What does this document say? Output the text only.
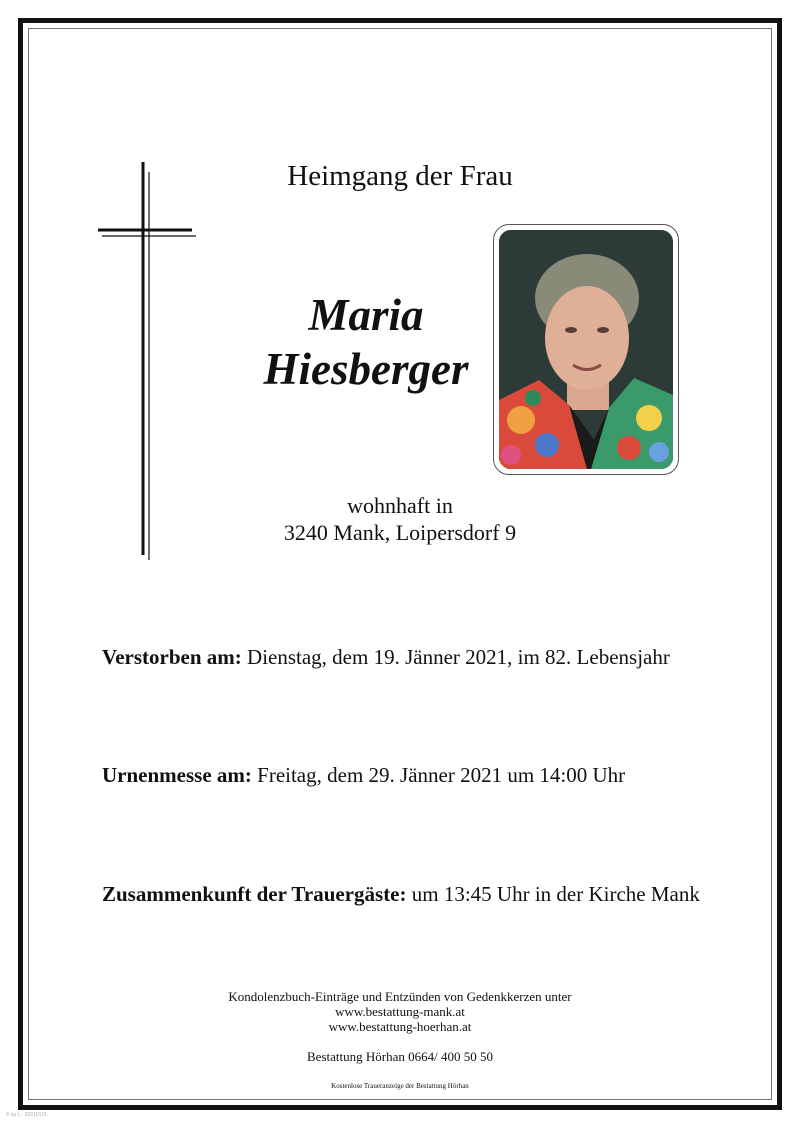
Heimgang der Frau
Maria
Hiesberger
wohnhaft in
3240 Mank, Loipersdorf 9
Verstorben am: Dienstag, dem 19. Jänner 2021, im 82. Lebensjahr
Urnenmesse am: Freitag, dem 29. Jänner 2021 um 14:00 Uhr
Zusammenkunft der Trauergäste: um 13:45 Uhr in der Kirche Mank
Kondolenzbuch-Einträge und Entzünden von Gedenkkerzen unter
www.bestattung-mank.at
www.bestattung-hoerhan.at
Bestattung Hörhan 0664/ 400 50 50
Kostenlose Traueranzeige der Bestattung Hörhan
© by t... 20210121
